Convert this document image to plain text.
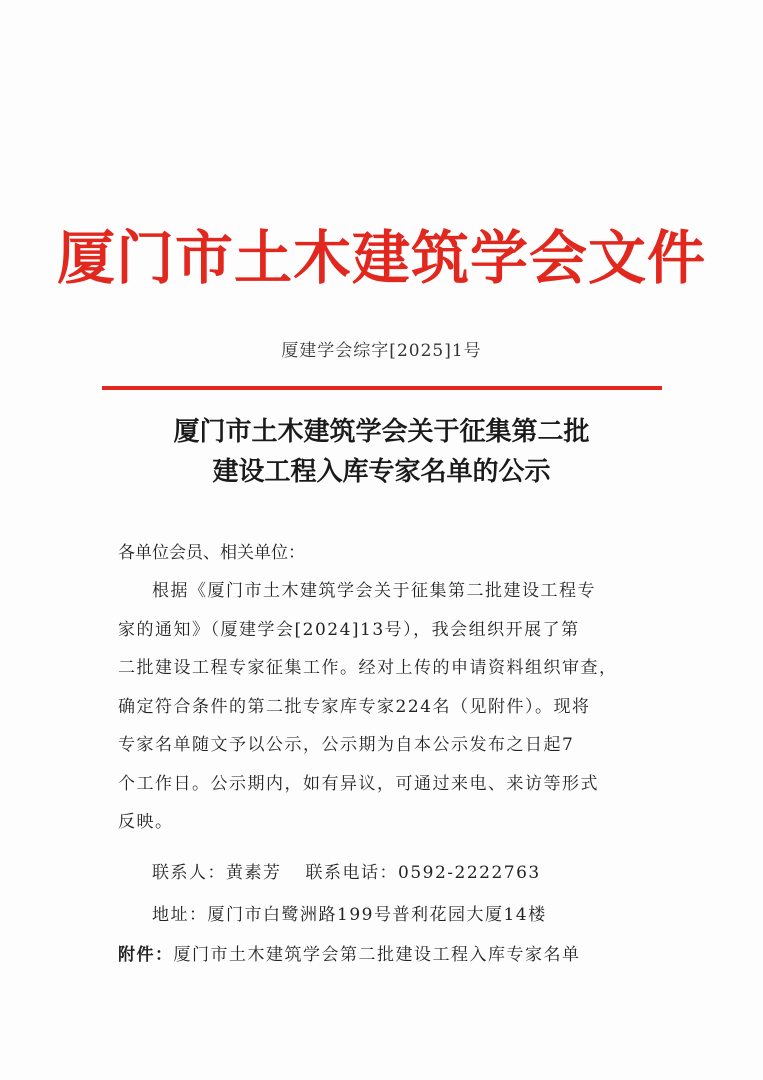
厦门市土木建筑学会文件
厦建学会综字[2025]1号
厦门市土木建筑学会关于征集第二批
建设工程入库专家名单的公示
各单位会员、相关单位：
根据《厦门市土木建筑学会关于征集第二批建设工程专
家的通知》（厦建学会[2024]13号），我会组织开展了第
二批建设工程专家征集工作。经对上传的申请资料组织审查，
确定符合条件的第二批专家库专家224名（见附件）。现将
专家名单随文予以公示，公示期为自本公示发布之日起7
个工作日。公示期内，如有异议，可通过来电、来访等形式
反映。
联系人：黄素芳 联系电话：0592-2222763
地址：厦门市白鹭洲路199号普利花园大厦14楼
附件：厦门市土木建筑学会第二批建设工程入库专家名单
